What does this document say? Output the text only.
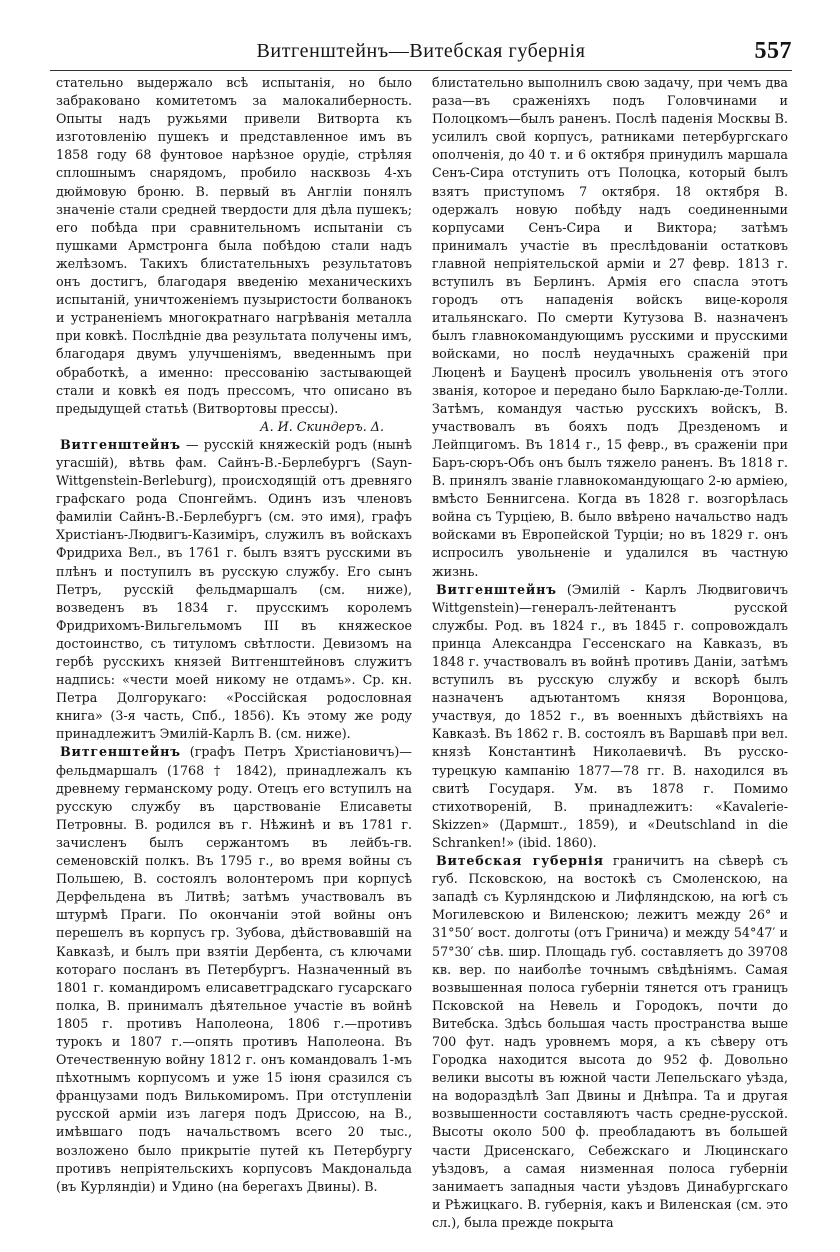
Витгенштейнъ—Витебская губернія	557

стательно выдержало всѣ испытанія, но было забраковано комитетомъ за малокалиберность. Опыты надъ ружьями привели Витворта къ изготовленію пушекъ и представленное имъ въ 1858 году 68 фунтовое нарѣзное орудіе, стрѣляя сплошнымъ снарядомъ, пробило насквозь 4-хъ дюймовую броню. В. первый въ Англіи понялъ значеніе стали средней твердости для дѣла пушекъ; его побѣда при сравнительномъ испытаніи съ пушками Армстронга была побѣдою стали надъ желѣзомъ. Такихъ блистательныхъ результатовъ онъ достигъ, благодаря введенію механическихъ испытаній, уничтоженіемъ пузыристости болванокъ и устраненіемъ многократнаго нагрѣванія металла при ковкѣ. Послѣдніе два результата получены имъ, благодаря двумъ улучшеніямъ, введеннымъ при обработкѣ, а именно: прессованію застывающей стали и ковкѣ ея подъ прессомъ, что описано въ предыдущей статьѣ (Витвортовы прессы).

А. И. Скиндеръ. Δ.

Витгенштейнъ — русскій княжескій родъ (нынѣ угасшій), вѣтвь фам. Сайнъ-В.-Берлебургъ (Sayn-Wittgenstein-Berleburg), происходящій отъ древняго графскаго рода Спонгеймъ. Одинъ изъ членовъ фамиліи Сайнъ-В.-Берлебургъ (см. это имя), графъ Христіанъ-Людвигъ-Казиміръ, служилъ въ войскахъ Фридриха Вел., въ 1761 г. былъ взятъ русскими въ плѣнъ и поступилъ въ русскую службу. Его сынъ Петръ, русскій фельдмаршалъ (см. ниже), возведенъ въ 1834 г. прусскимъ королемъ Фридрихомъ-Вильгельмомъ III въ княжеское достоинство, съ титуломъ свѣтлости. Девизомъ на гербѣ русскихъ князей Витгенштейновъ служитъ надпись: «чести моей никому не отдамъ». Ср. кн. Петра Долгорукаго: «Россійская родословная книга» (3-я часть, Спб., 1856). Къ этому же роду принадлежитъ Эмилій-Карлъ В. (см. ниже).

Витгенштейнъ (графъ Петръ Христіановичъ)—фельдмаршалъ (1768 † 1842), принадлежалъ къ древнему германскому роду. Отецъ его вступилъ на русскую службу въ царствованіе Елисаветы Петровны. В. родился въ г. Нѣжинѣ и въ 1781 г. зачисленъ былъ сержантомъ въ лейбъ-гв. семеновскій полкъ. Въ 1795 г., во время войны съ Польшею, В. состоялъ волонтеромъ при корпусѣ Дерфельдена въ Литвѣ; затѣмъ участвовалъ въ штурмѣ Праги. По окончаніи этой войны онъ перешелъ въ корпусъ гр. Зубова, дѣйствовавшій на Кавказѣ, и былъ при взятіи Дербента, съ ключами котораго посланъ въ Петербургъ. Назначенный въ 1801 г. командиромъ елисаветградскаго гусарскаго полка, В. принималъ дѣятельное участіе въ войнѣ 1805 г. противъ Наполеона, 1806 г.—противъ турокъ и 1807 г.—опять противъ Наполеона. Въ Отечественную войну 1812 г. онъ командовалъ 1-мъ пѣхотнымъ корпусомъ и уже 15 іюня сразился съ французами подъ Вилькомиромъ. При отступленіи русской арміи изъ лагеря подъ Дриссою, на В., имѣвшаго подъ начальствомъ всего 20 тыс., возложено было прикрытіе путей къ Петербургу противъ непріятельскихъ корпусовъ Макдональда (въ Курляндіи) и Удино (на берегахъ Двины). В.

блистательно выполнилъ свою задачу, при чемъ два раза—въ сраженіяхъ подъ Головчинами и Полоцкомъ—былъ раненъ. Послѣ паденія Москвы В. усилилъ свой корпусъ, ратниками петербургскаго ополченія, до 40 т. и 6 октября принудилъ маршала Сенъ-Сира отступить отъ Полоцка, который былъ взятъ приступомъ 7 октября. 18 октября В. одержалъ новую побѣду надъ соединенными корпусами Сенъ-Сира и Виктора; затѣмъ принималъ участіе въ преслѣдованіи остатковъ главной непріятельской арміи и 27 февр. 1813 г. вступилъ въ Берлинъ. Армія его спасла этотъ городъ отъ нападенія войскъ вице-короля итальянскаго. По смерти Кутузова В. назначенъ былъ главнокомандующимъ русскими и прусскими войсками, но послѣ неудачныхъ сраженій при Люценѣ и Бауценѣ просилъ увольненія отъ этого званія, которое и передано было Барклаю-де-Толли. Затѣмъ, командуя частью русскихъ войскъ, В. участвовалъ въ бояхъ подъ Дрезденомъ и Лейпцигомъ. Въ 1814 г., 15 февр., въ сраженіи при Баръ-сюръ-Объ онъ былъ тяжело раненъ. Въ 1818 г. В. принялъ званіе главнокомандующаго 2-ю арміею, вмѣсто Беннигсена. Когда въ 1828 г. возгорѣлась война съ Турціею, В. было ввѣрено начальство надъ войсками въ Европейской Турціи; но въ 1829 г. онъ испросилъ увольненіе и удалился въ частную жизнь.

Витгенштейнъ (Эмилій - Карлъ Людвиговичъ Wittgenstein)—генералъ-лейтенантъ русской службы. Род. въ 1824 г., въ 1845 г. сопровождалъ принца Александра Гессенскаго на Кавказъ, въ 1848 г. участвовалъ въ войнѣ противъ Даніи, затѣмъ вступилъ въ русскую службу и вскорѣ былъ назначенъ адъютантомъ князя Воронцова, участвуя, до 1852 г., въ военныхъ дѣйствіяхъ на Кавказѣ. Въ 1862 г. В. состоялъ въ Варшавѣ при вел. князѣ Константинѣ Николаевичѣ. Въ русско-турецкую кампанію 1877—78 гг. В. находился въ свитѣ Государя. Ум. въ 1878 г. Помимо стихотвореній, В. принадлежитъ: «Kavalerie-Skizzen» (Дармшт., 1859), и «Deutschland in die Schranken!» (ibid. 1860).

Витебская губернія граничитъ на сѣверѣ съ губ. Псковскою, на востокѣ съ Смоленскою, на западѣ съ Курляндскою и Лифляндскою, на югѣ съ Могилевскою и Виленскою; лежитъ между 26° и 31°50′ вост. долготы (отъ Гринича) и между 54°47′ и 57°30′ сѣв. шир. Площадь губ. составляетъ до 39708 кв. вер. по наиболѣе точнымъ свѣдѣніямъ. Самая возвышенная полоса губерніи тянется отъ границъ Псковской на Невель и Городокъ, почти до Витебска. Здѣсь большая часть пространства выше 700 фут. надъ уровнемъ моря, а къ сѣверу отъ Городка находится высота до 952 ф. Довольно велики высоты въ южной части Лепельскаго уѣзда, на водораздѣлѣ Зап Двины и Днѣпра. Та и другая возвышенности составляютъ часть средне-русской. Высоты около 500 ф. преобладаютъ въ большей части Дрисенскаго, Себежскаго и Люцинскаго уѣздовъ, а самая низменная полоса губерніи занимаетъ западныя части уѣздовъ Динабургскаго и Рѣжицкаго. В. губернія, какъ и Виленская (см. это сл.), была прежде покрыта
